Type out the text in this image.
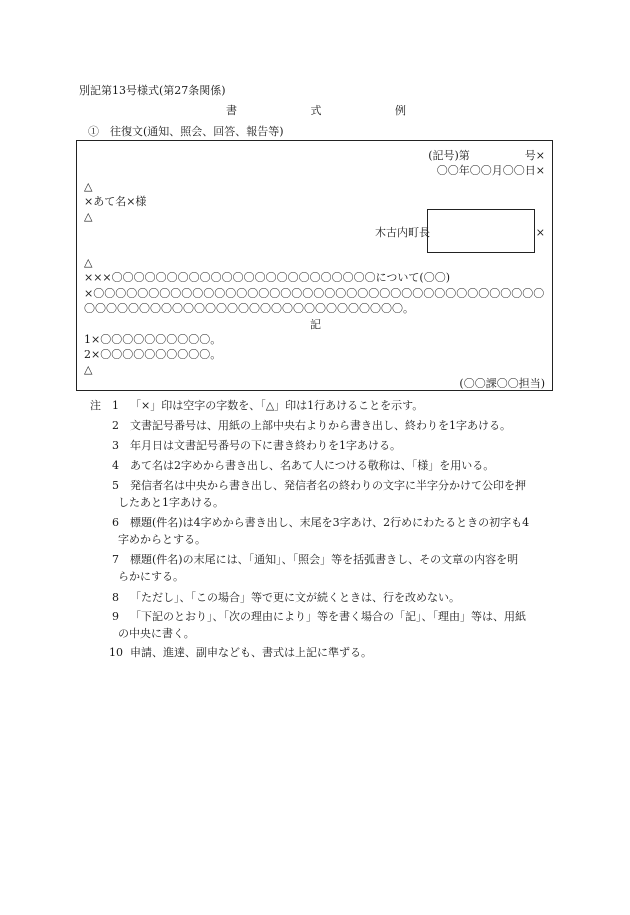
別記第13号様式(第27条関係)
書	式	例
①　往復文(通知、照会、回答、報告等)
(記号)第　　　　　号×
〇〇年〇〇月〇〇日×
△
×あて名×様
△
木古内町長	×
△
×××〇〇〇〇〇〇〇〇〇〇〇〇〇〇〇〇〇〇〇〇〇〇〇〇について(〇〇)
×〇〇〇〇〇〇〇〇〇〇〇〇〇〇〇〇〇〇〇〇〇〇〇〇〇〇〇〇〇〇〇〇〇〇〇〇〇〇〇〇〇
〇〇〇〇〇〇〇〇〇〇〇〇〇〇〇〇〇〇〇〇〇〇〇〇〇〇〇〇〇。
記
1×〇〇〇〇〇〇〇〇〇〇。
2×〇〇〇〇〇〇〇〇〇〇。
△
(〇〇課〇〇担当)
注 1	「×」印は空字の字数を、「△」印は1行あけることを示す。
2	文書記号番号は、用紙の上部中央右よりから書き出し、終わりを1字あける。
3	年月日は文書記号番号の下に書き終わりを1字あける。
4	あて名は2字めから書き出し、名あて人につける敬称は、「様」を用いる。
5	発信者名は中央から書き出し、発信者名の終わりの文字に半字分かけて公印を押
したあと1字あける。
6	標題(件名)は4字めから書き出し、末尾を3字あけ、2行めにわたるときの初字も4
字めからとする。
7	標題(件名)の末尾には、「通知」、「照会」等を括弧書きし、その文章の内容を明
らかにする。
8	「ただし」、「この場合」等で更に文が続くときは、行を改めない。
9	「下記のとおり」、「次の理由により」等を書く場合の「記」、「理由」等は、用紙
の中央に書く。
10 申請、進達、副申なども、書式は上記に準ずる。
